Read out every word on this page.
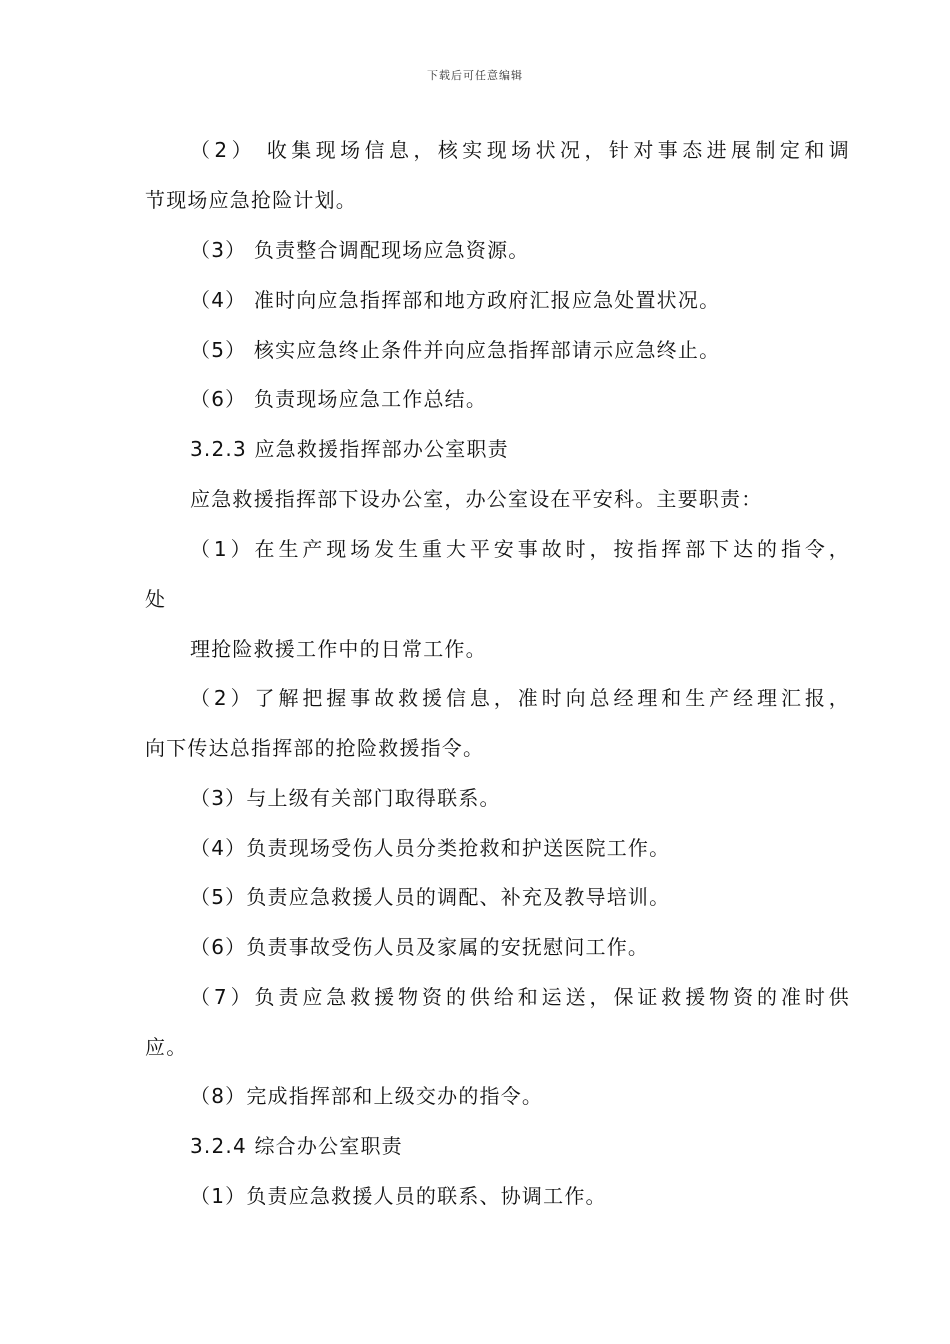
下载后可任意编辑
（2） 收集现场信息，核实现场状况，针对事态进展制定和调
节现场应急抢险计划。
（3） 负责整合调配现场应急资源。
（4） 准时向应急指挥部和地方政府汇报应急处置状况。
（5） 核实应急终止条件并向应急指挥部请示应急终止。
（6） 负责现场应急工作总结。
3.2.3 应急救援指挥部办公室职责
应急救援指挥部下设办公室，办公室设在平安科。主要职责：
（1）在生产现场发生重大平安事故时，按指挥部下达的指令，
处
理抢险救援工作中的日常工作。
（2）了解把握事故救援信息，准时向总经理和生产经理汇报，
向下传达总指挥部的抢险救援指令。
（3）与上级有关部门取得联系。
（4）负责现场受伤人员分类抢救和护送医院工作。
（5）负责应急救援人员的调配、补充及教导培训。
（6）负责事故受伤人员及家属的安抚慰问工作。
（7）负责应急救援物资的供给和运送，保证救援物资的准时供
应。
（8）完成指挥部和上级交办的指令。
3.2.4 综合办公室职责
（1）负责应急救援人员的联系、协调工作。
